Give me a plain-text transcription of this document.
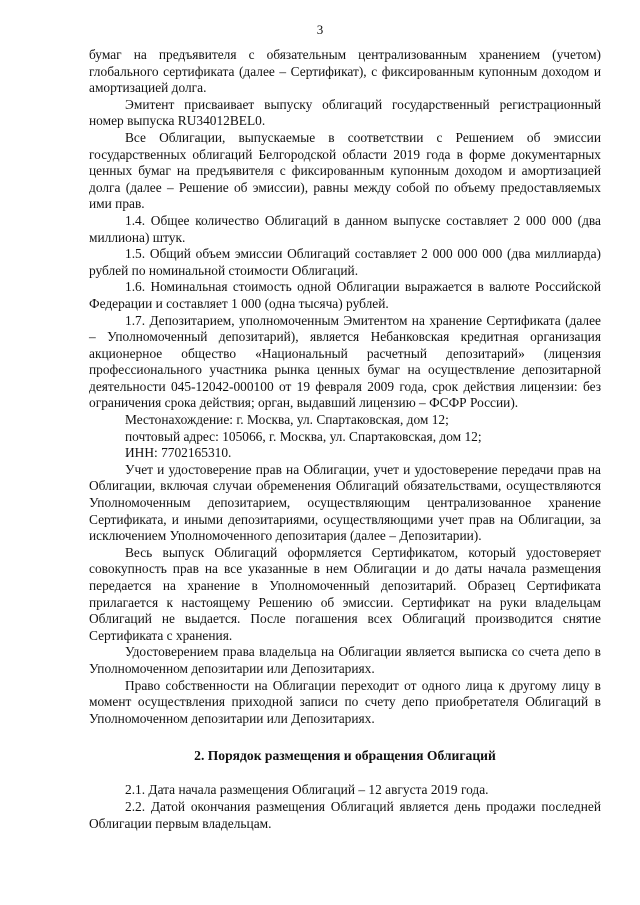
3

бумаг на предъявителя с обязательным централизованным хранением (учетом) глобального сертификата (далее – Сертификат), с фиксированным купонным доходом и амортизацией долга.

Эмитент присваивает выпуску облигаций государственный регистрационный номер выпуска RU34012BEL0.

Все Облигации, выпускаемые в соответствии с Решением об эмиссии государственных облигаций Белгородской области 2019 года в форме документарных ценных бумаг на предъявителя с фиксированным купонным доходом и амортизацией долга (далее – Решение об эмиссии), равны между собой по объему предоставляемых ими прав.

1.4. Общее количество Облигаций в данном выпуске составляет 2 000 000 (два миллиона) штук.

1.5. Общий объем эмиссии Облигаций составляет 2 000 000 000 (два миллиарда) рублей по номинальной стоимости Облигаций.

1.6. Номинальная стоимость одной Облигации выражается в валюте Российской Федерации и составляет 1 000 (одна тысяча) рублей.

1.7. Депозитарием, уполномоченным Эмитентом на хранение Сертификата (далее – Уполномоченный депозитарий), является Небанковская кредитная организация акционерное общество «Национальный расчетный депозитарий» (лицензия профессионального участника рынка ценных бумаг на осуществление депозитарной деятельности 045-12042-000100 от 19 февраля 2009 года, срок действия лицензии: без ограничения срока действия; орган, выдавший лицензию – ФСФР России).

Местонахождение: г. Москва, ул. Спартаковская, дом 12;

почтовый адрес: 105066, г. Москва, ул. Спартаковская, дом 12;

ИНН: 7702165310.

Учет и удостоверение прав на Облигации, учет и удостоверение передачи прав на Облигации, включая случаи обременения Облигаций обязательствами, осуществляются Уполномоченным депозитарием, осуществляющим централизованное хранение Сертификата, и иными депозитариями, осуществляющими учет прав на Облигации, за исключением Уполномоченного депозитария (далее – Депозитарии).

Весь выпуск Облигаций оформляется Сертификатом, который удостоверяет совокупность прав на все указанные в нем Облигации и до даты начала размещения передается на хранение в Уполномоченный депозитарий. Образец Сертификата прилагается к настоящему Решению об эмиссии. Сертификат на руки владельцам Облигаций не выдается. После погашения всех Облигаций производится снятие Сертификата с хранения.

Удостоверением права владельца на Облигации является выписка со счета депо в Уполномоченном депозитарии или Депозитариях.

Право собственности на Облигации переходит от одного лица к другому лицу в момент осуществления приходной записи по счету депо приобретателя Облигаций в Уполномоченном депозитарии или Депозитариях.

2. Порядок размещения и обращения Облигаций

2.1. Дата начала размещения Облигаций – 12 августа 2019 года.

2.2. Датой окончания размещения Облигаций является день продажи последней Облигации первым владельцам.
